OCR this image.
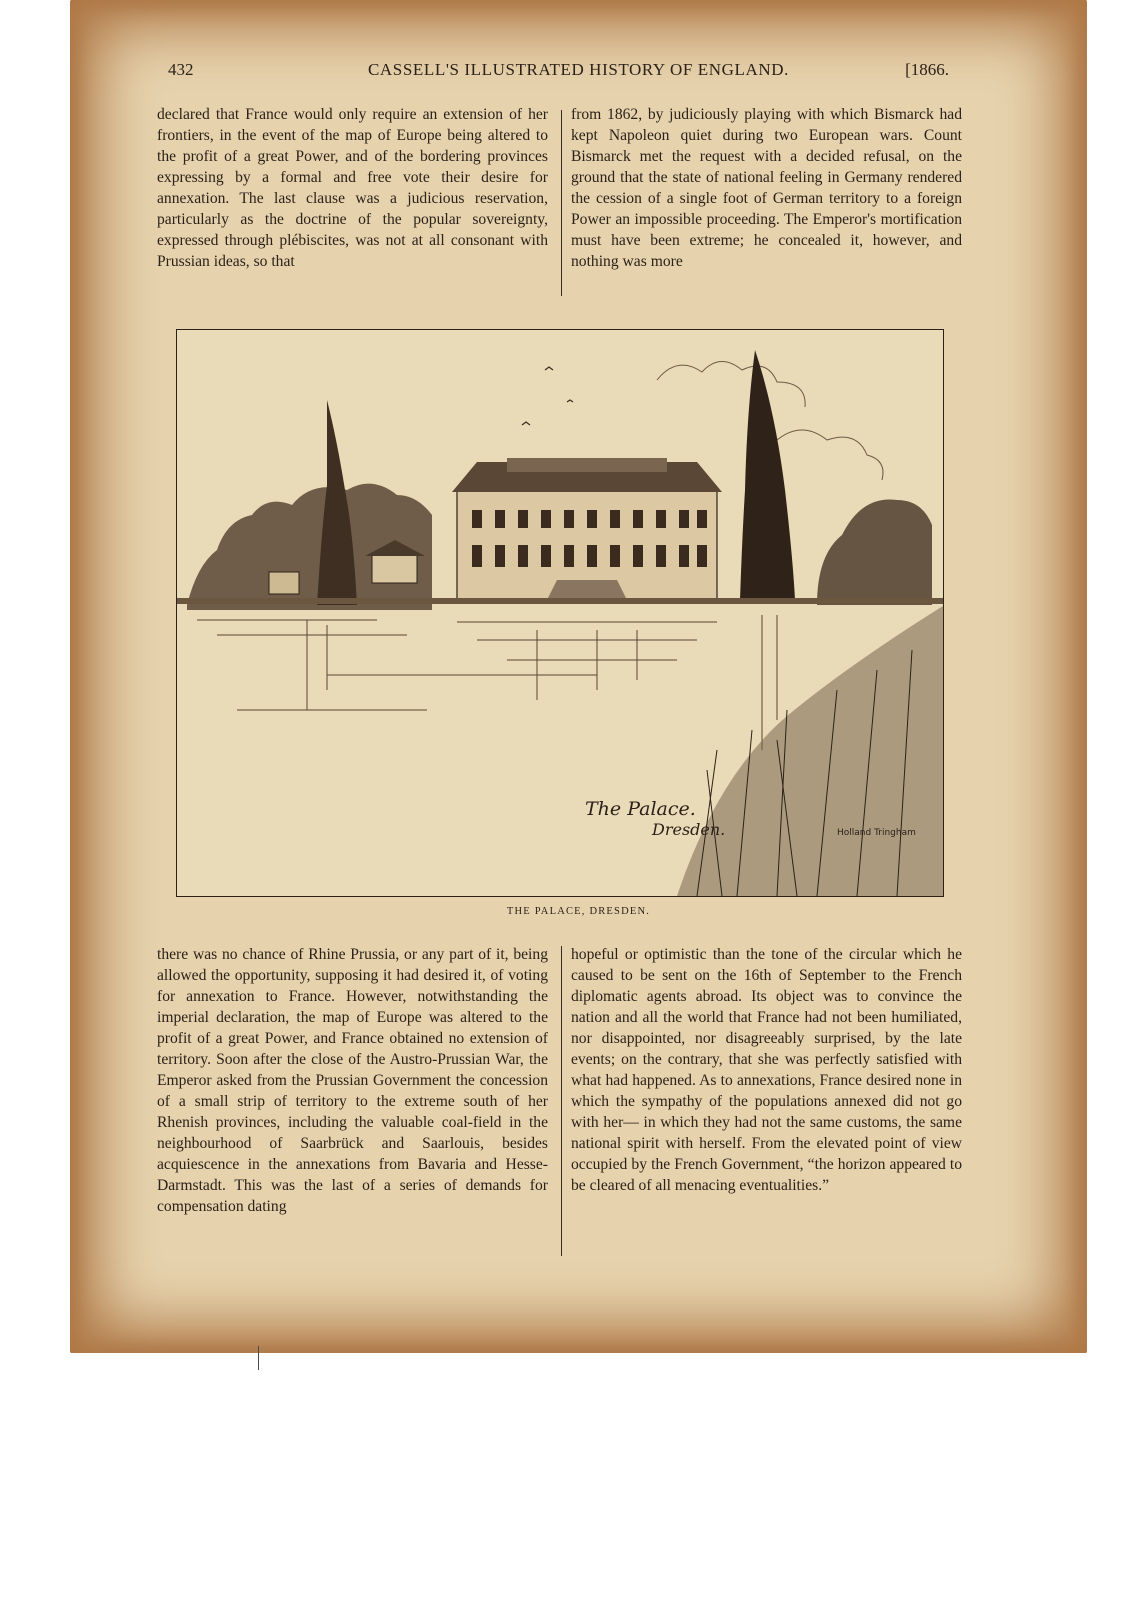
432	CASSELL'S ILLUSTRATED HISTORY OF ENGLAND.	[1866.

declared that France would only require an extension of her frontiers, in the event of the map of Europe being altered to the profit of a great Power, and of the bordering provinces expressing by a formal and free vote their desire for annexation. The last clause was a judicious reservation, particularly as the doctrine of the popular sovereignty, expressed through plébiscites, was not at all consonant with Prussian ideas, so that

from 1862, by judiciously playing with which Bismarck had kept Napoleon quiet during two European wars. Count Bismarck met the request with a decided refusal, on the ground that the state of national feeling in Germany rendered the cession of a single foot of German territory to a foreign Power an impossible proceeding. The Emperor's mortification must have been extreme; he concealed it, however, and nothing was more

The Palace.
Dresden.	Holland Tringham
THE PALACE, DRESDEN.

there was no chance of Rhine Prussia, or any part of it, being allowed the opportunity, supposing it had desired it, of voting for annexation to France. However, notwithstanding the imperial declaration, the map of Europe was altered to the profit of a great Power, and France obtained no extension of territory. Soon after the close of the Austro-Prussian War, the Emperor asked from the Prussian Government the concession of a small strip of territory to the extreme south of her Rhenish provinces, including the valuable coal-field in the neighbourhood of Saarbrück and Saarlouis, besides acquiescence in the annexations from Bavaria and Hesse-Darmstadt. This was the last of a series of demands for compensation dating

hopeful or optimistic than the tone of the circular which he caused to be sent on the 16th of September to the French diplomatic agents abroad. Its object was to convince the nation and all the world that France had not been humiliated, nor disappointed, nor disagreeably surprised, by the late events; on the contrary, that she was perfectly satisfied with what had happened. As to annexations, France desired none in which the sympathy of the populations annexed did not go with her— in which they had not the same customs, the same national spirit with herself. From the elevated point of view occupied by the French Government, “the horizon appeared to be cleared of all menacing eventualities.”
